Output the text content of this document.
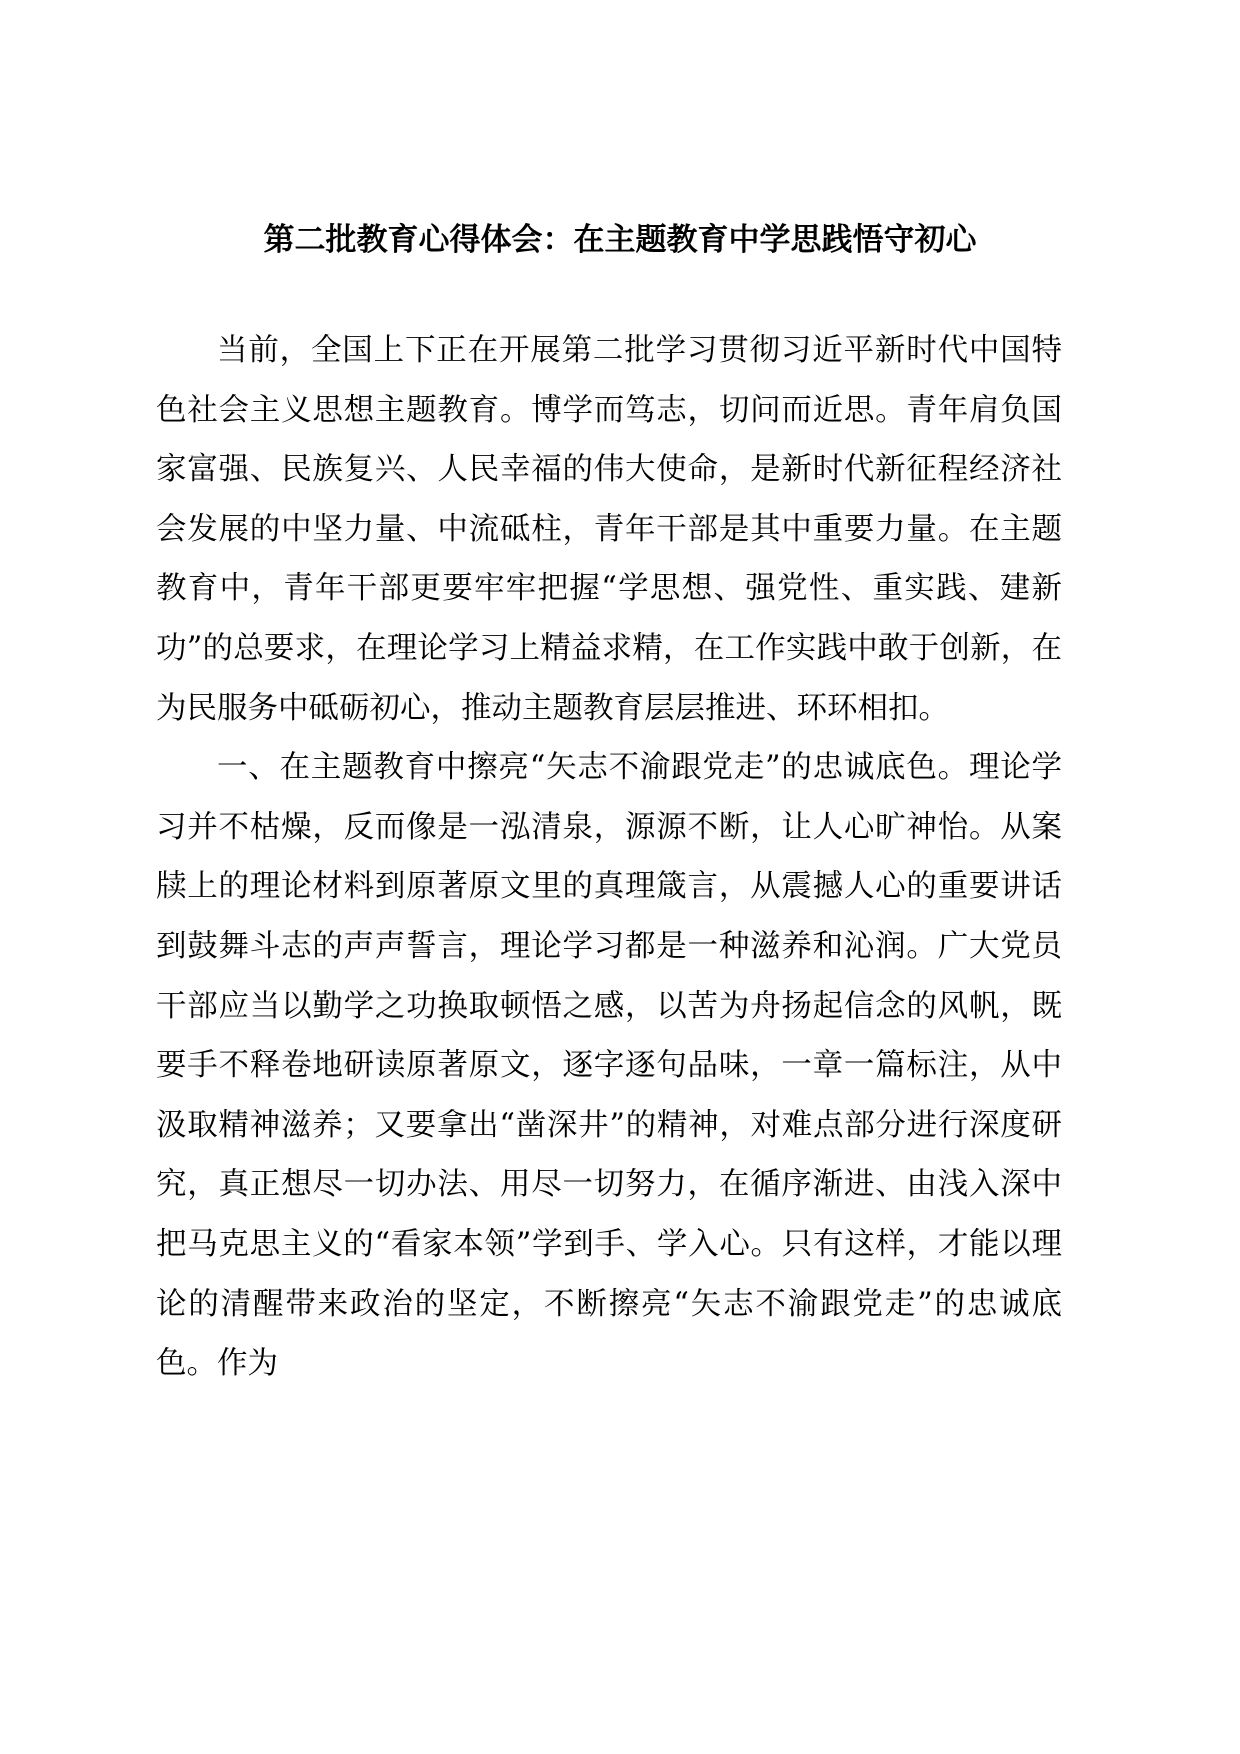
第二批教育心得体会：在主题教育中学思践悟守初心

当前，全国上下正在开展第二批学习贯彻习近平新时代中国特色社会主义思想主题教育。博学而笃志，切问而近思。青年肩负国家富强、民族复兴、人民幸福的伟大使命，是新时代新征程经济社会发展的中坚力量、中流砥柱，青年干部是其中重要力量。在主题教育中，青年干部更要牢牢把握“学思想、强党性、重实践、建新功”的总要求，在理论学习上精益求精，在工作实践中敢于创新，在为民服务中砥砺初心，推动主题教育层层推进、环环相扣。

一、在主题教育中擦亮“矢志不渝跟党走”的忠诚底色。理论学习并不枯燥，反而像是一泓清泉，源源不断，让人心旷神怡。从案牍上的理论材料到原著原文里的真理箴言，从震撼人心的重要讲话到鼓舞斗志的声声誓言，理论学习都是一种滋养和沁润。广大党员干部应当以勤学之功换取顿悟之感，以苦为舟扬起信念的风帆，既要手不释卷地研读原著原文，逐字逐句品味，一章一篇标注，从中汲取精神滋养；又要拿出“凿深井”的精神，对难点部分进行深度研究，真正想尽一切办法、用尽一切努力，在循序渐进、由浅入深中把马克思主义的“看家本领”学到手、学入心。只有这样，才能以理论的清醒带来政治的坚定，不断擦亮“矢志不渝跟党走”的忠诚底色。作为
